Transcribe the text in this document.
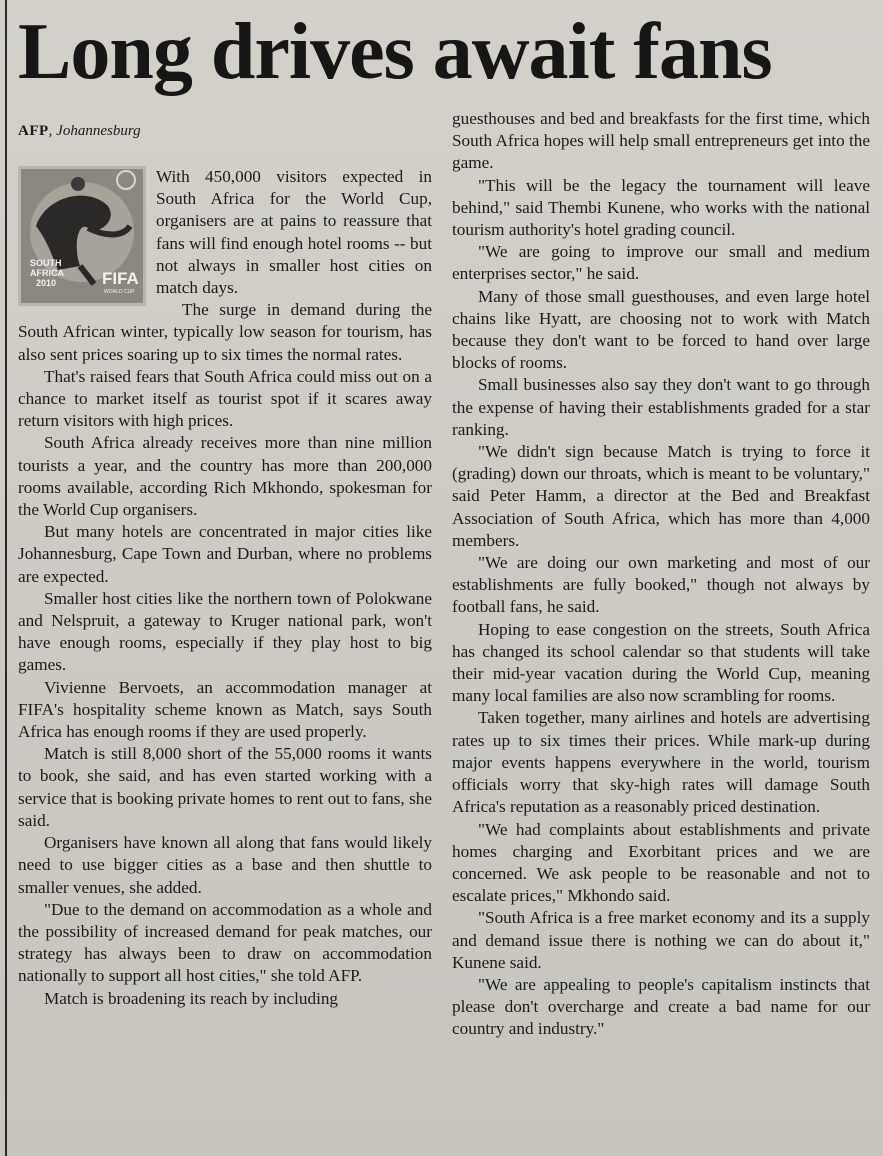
Long drives await fans
AFP, Johannesburg
SOUTH
AFRICA
2010	FIFA
WORLD CUP

With 450,000 visitors expected in South Africa for the World Cup, organisers are at pains to reassure that fans will find enough hotel rooms -- but not always in smaller host cities on match days.

The surge in demand during the South African winter, typically low season for tourism, has also sent prices soaring up to six times the normal rates.

That's raised fears that South Africa could miss out on a chance to market itself as tourist spot if it scares away return visitors with high prices.

South Africa already receives more than nine million tourists a year, and the country has more than 200,000 rooms available, according Rich Mkhondo, spokesman for the World Cup organisers.

But many hotels are concentrated in major cities like Johannesburg, Cape Town and Durban, where no problems are expected.

Smaller host cities like the northern town of Polokwane and Nelspruit, a gateway to Kruger national park, won't have enough rooms, especially if they play host to big games.

Vivienne Bervoets, an accommodation manager at FIFA's hospitality scheme known as Match, says South Africa has enough rooms if they are used properly.

Match is still 8,000 short of the 55,000 rooms it wants to book, she said, and has even started working with a service that is booking private homes to rent out to fans, she said.

Organisers have known all along that fans would likely need to use bigger cities as a base and then shuttle to smaller venues, she added.

"Due to the demand on accommodation as a whole and the possibility of increased demand for peak matches, our strategy has always been to draw on accommodation nationally to support all host cities," she told AFP.

Match is broadening its reach by including

guesthouses and bed and breakfasts for the first time, which South Africa hopes will help small entrepreneurs get into the game.

"This will be the legacy the tournament will leave behind," said Thembi Kunene, who works with the national tourism authority's hotel grading council.

"We are going to improve our small and medium enterprises sector," he said.

Many of those small guesthouses, and even large hotel chains like Hyatt, are choosing not to work with Match because they don't want to be forced to hand over large blocks of rooms.

Small businesses also say they don't want to go through the expense of having their establishments graded for a star ranking.

"We didn't sign because Match is trying to force it (grading) down our throats, which is meant to be voluntary," said Peter Hamm, a director at the Bed and Breakfast Association of South Africa, which has more than 4,000 members.

"We are doing our own marketing and most of our establishments are fully booked," though not always by football fans, he said.

Hoping to ease congestion on the streets, South Africa has changed its school calendar so that students will take their mid-year vacation during the World Cup, meaning many local families are also now scrambling for rooms.

Taken together, many airlines and hotels are advertising rates up to six times their prices. While mark-up during major events happens everywhere in the world, tourism officials worry that sky-high rates will damage South Africa's reputation as a reasonably priced destination.

"We had complaints about establishments and private homes charging and Exorbitant prices and we are concerned. We ask people to be reasonable and not to escalate prices," Mkhondo said.

"South Africa is a free market economy and its a supply and demand issue there is nothing we can do about it," Kunene said.

"We are appealing to people's capitalism instincts that please don't overcharge and create a bad name for our country and industry."
